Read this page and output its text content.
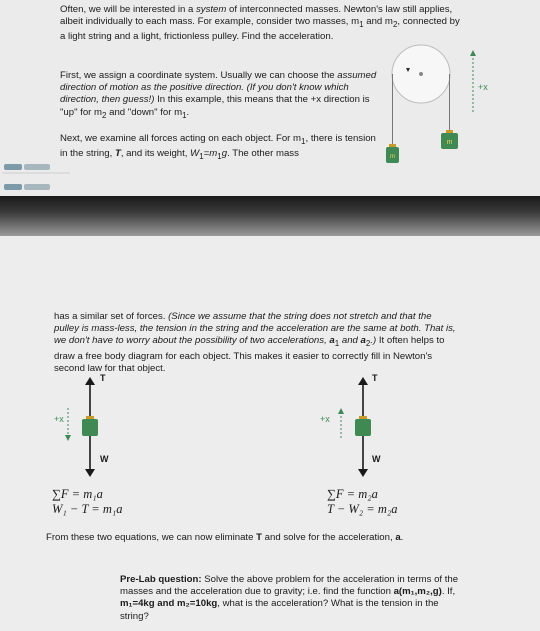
Often, we will be interested in a system of interconnected masses. Newton's law still applies, albeit individually to each mass. For example, consider two masses, $m_1$ and $m_2$, connected by a light string and a light, frictionless pulley. Find the acceleration.

First, we assign a coordinate system. Usually we can choose the assumed direction of motion as the positive direction. (If you don't know which direction, then guess!) In this example, this means that the +x direction is "up" for $m_2$ and "down" for $m_1$.

Next, we examine all forces acting on each object. For $m_1$, there is tension in the string, T, and its weight, $W_1=m_1g$. The other mass	m
m
+x

has a similar set of forces. (Since we assume that the string does not stretch and that the pulley is mass-less, the tension in the string and the acceleration are the same at both. That is, we don't have to worry about the possibility of two accelerations, $a_1$ and $a_2$.) It often helps to draw a free body diagram for each object. This makes it easier to correctly fill in Newton's second law for that object.

T
W
+x
T
W
+x
∑F = m₁a
W₁ − T = m₁a
∑F = m₂a
T − W₂ = m₂a

From these two equations, we can now eliminate T and solve for the acceleration, a.

Pre-Lab question: Solve the above problem for the acceleration in terms of the masses and the acceleration due to gravity; i.e. find the function a(m₁,m₂,g). If, m₁=4kg and m₂=10kg, what is the acceleration? What is the tension in the string?
